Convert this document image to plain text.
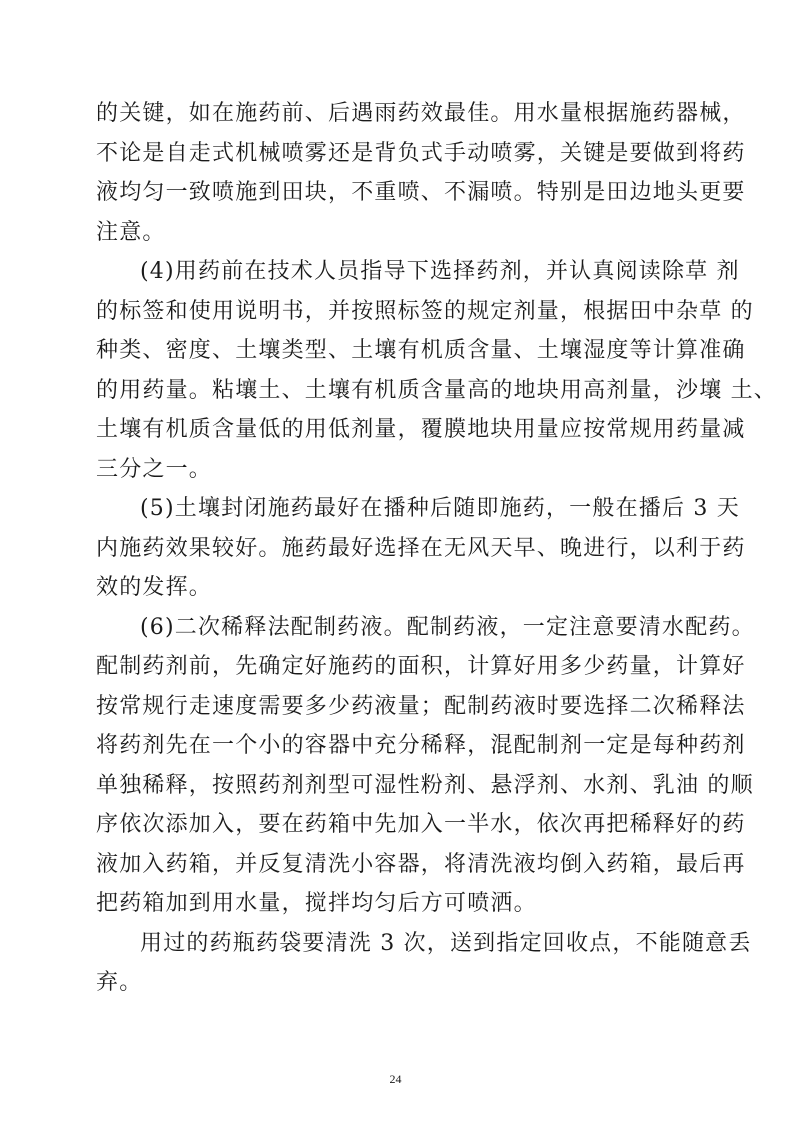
的关键，如在施药前、后遇雨药效最佳。用水量根据施药器械，
不论是自走式机械喷雾还是背负式手动喷雾，关键是要做到将药
液均匀一致喷施到田块，不重喷、不漏喷。特别是田边地头更要
注意。
(4)用药前在技术人员指导下选择药剂，并认真阅读除草 剂
的标签和使用说明书，并按照标签的规定剂量，根据田中杂草 的
种类、密度、土壤类型、土壤有机质含量、土壤湿度等计算准确
的用药量。粘壤土、土壤有机质含量高的地块用高剂量，沙壤 土、
土壤有机质含量低的用低剂量，覆膜地块用量应按常规用药量减
三分之一。
(5)土壤封闭施药最好在播种后随即施药，一般在播后 3 天
内施药效果较好。施药最好选择在无风天早、晚进行，以利于药
效的发挥。
(6)二次稀释法配制药液。配制药液，一定注意要清水配药。
配制药剂前，先确定好施药的面积，计算好用多少药量，计算好
按常规行走速度需要多少药液量；配制药液时要选择二次稀释法
将药剂先在一个小的容器中充分稀释，混配制剂一定是每种药剂
单独稀释，按照药剂剂型可湿性粉剂、悬浮剂、水剂、乳油 的顺
序依次添加入，要在药箱中先加入一半水，依次再把稀释好的药
液加入药箱，并反复清洗小容器，将清洗液均倒入药箱，最后再
把药箱加到用水量，搅拌均匀后方可喷洒。
用过的药瓶药袋要清洗 3 次，送到指定回收点，不能随意丢
弃。
24
